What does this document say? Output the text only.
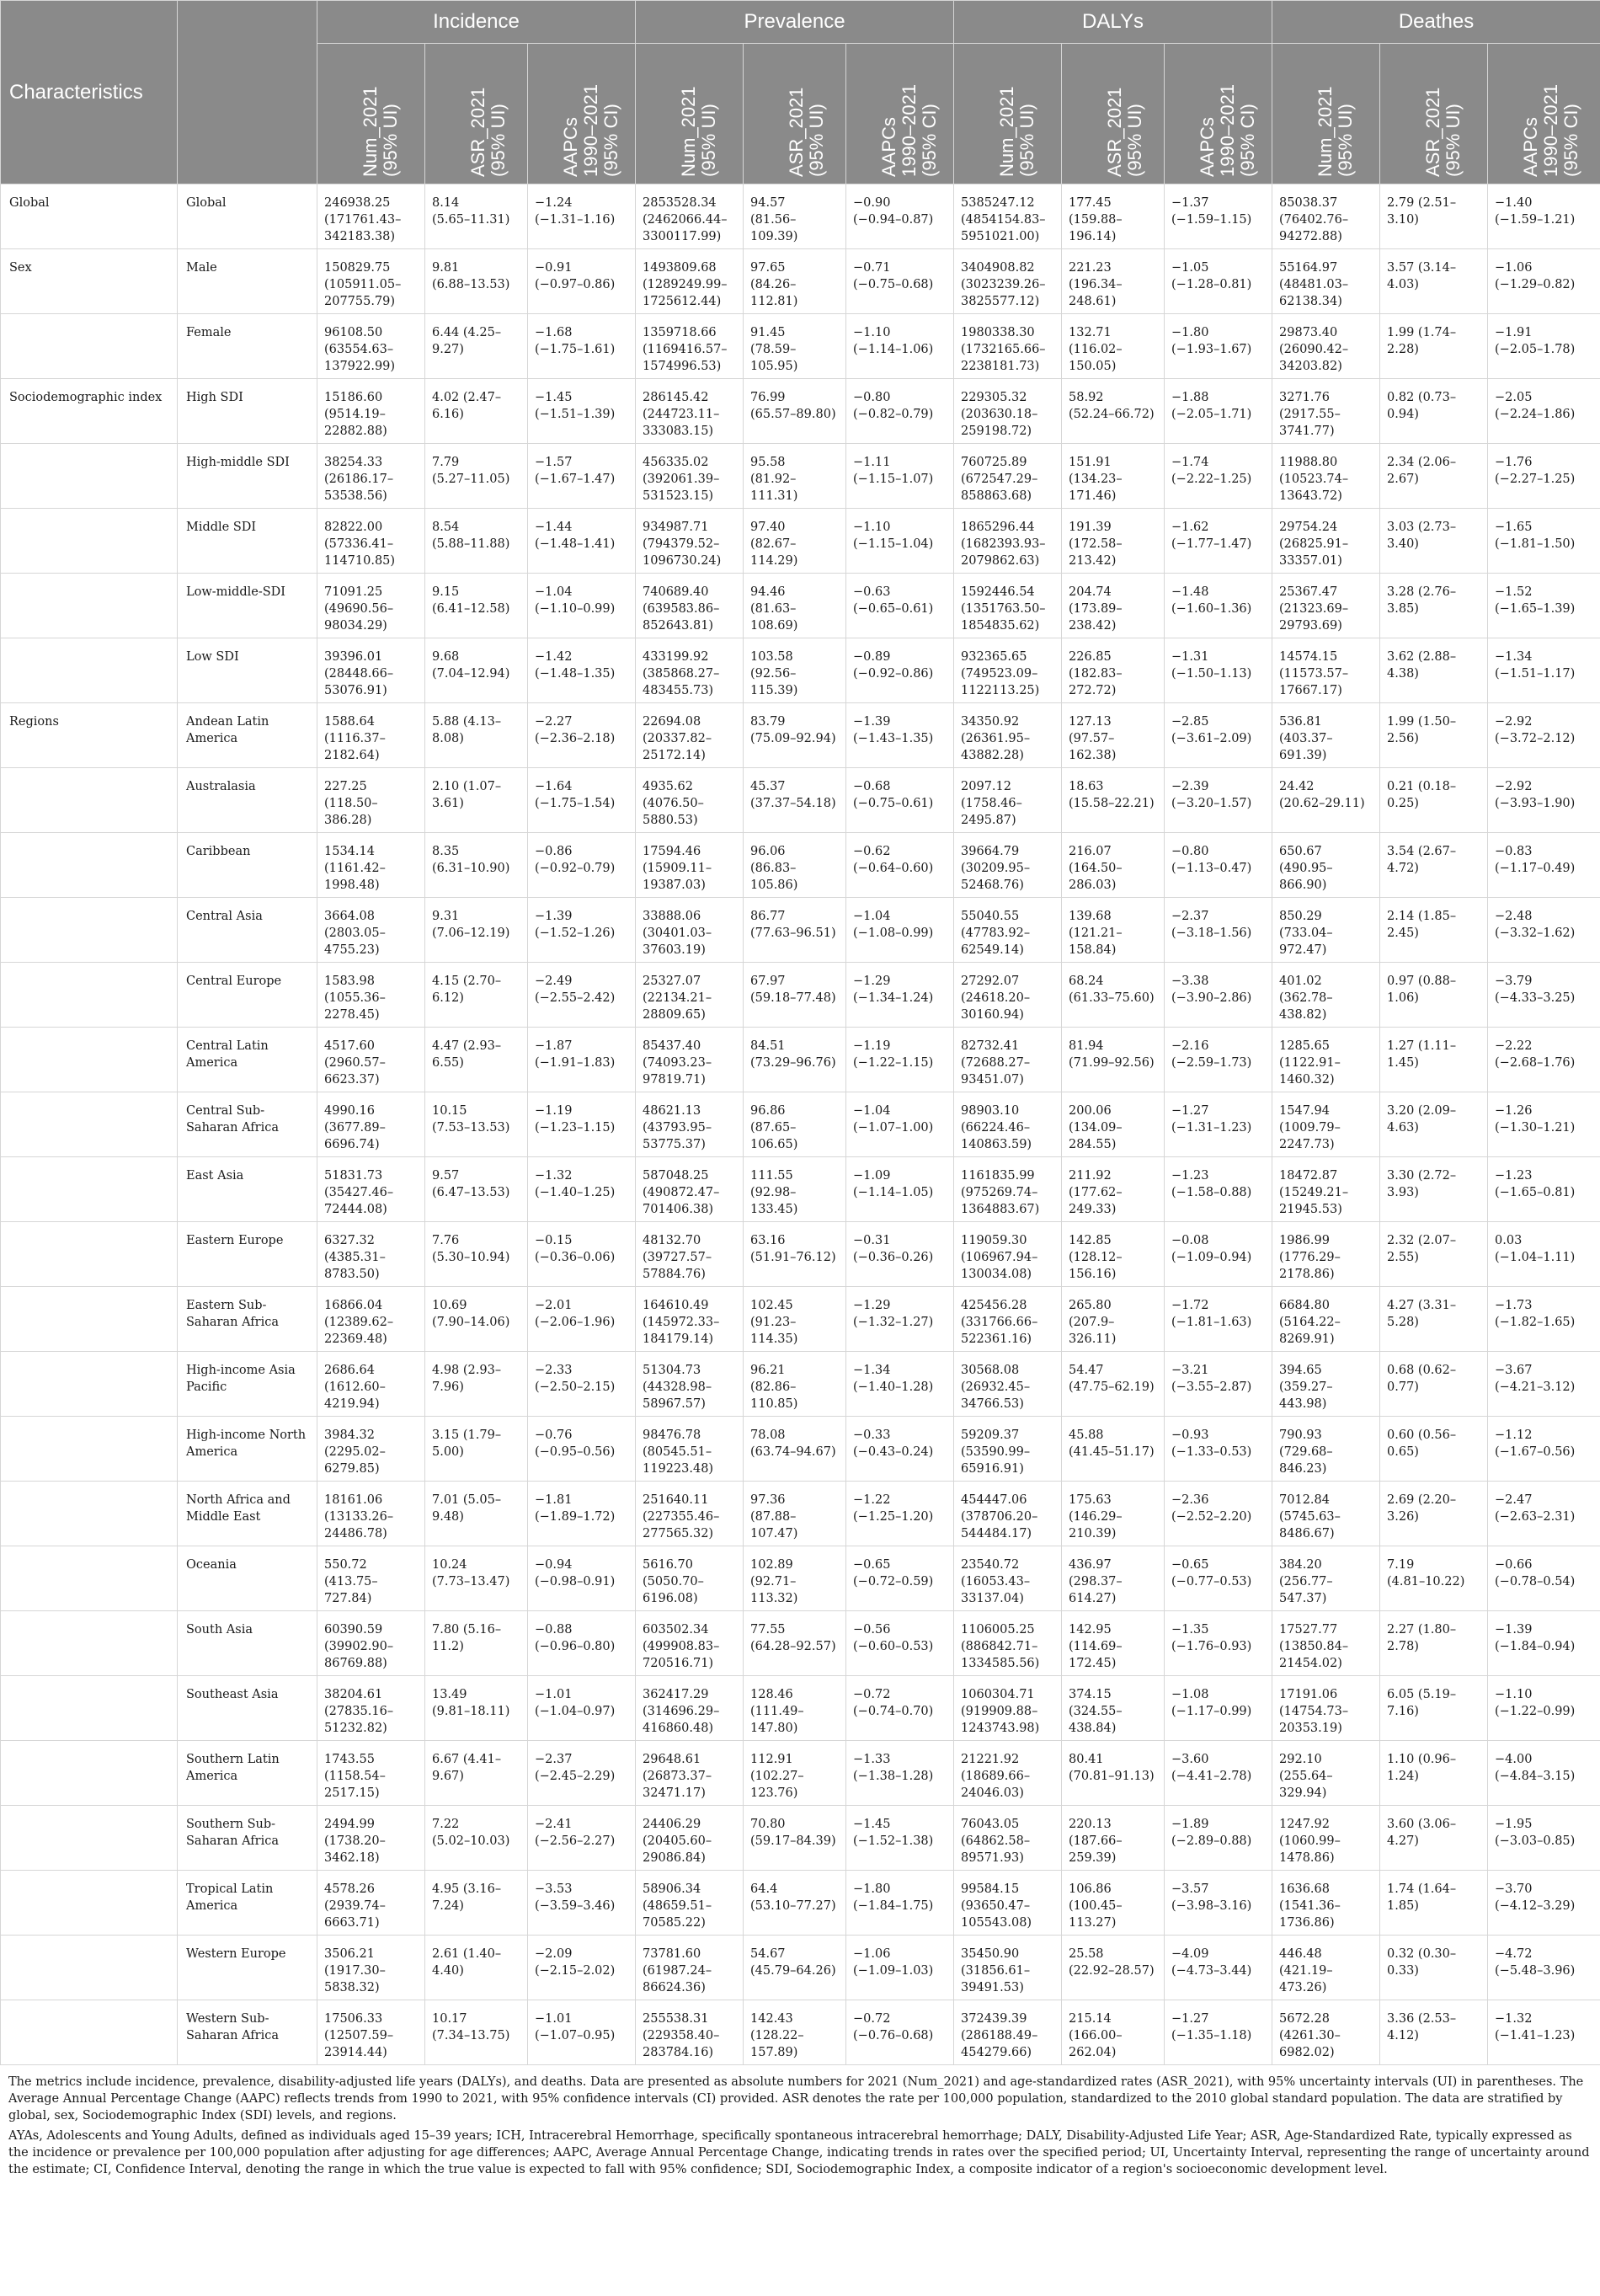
Characteristics		Incidence			Prevalence			DALYs			Deathes		

		Num_2021
(95% UI)	ASR_2021
(95% UI)	AAPCs
1990–2021
(95% CI)	Num_2021
(95% UI)	ASR_2021
(95% UI)	AAPCs
1990–2021
(95% CI)	Num_2021
(95% UI)	ASR_2021
(95% UI)	AAPCs
1990–2021
(95% CI)	Num_2021
(95% UI)	ASR_2021
(95% UI)	AAPCs
1990–2021
(95% CI)

Global	Global	246938.25
(171761.43–342183.38)	8.14
(5.65–11.31)	−1.24
(−1.31–1.16)	2853528.34
(2462066.44–3300117.99)	94.57
(81.56–109.39)	−0.90
(−0.94–0.87)	5385247.12
(4854154.83–5951021.00)	177.45
(159.88–196.14)	−1.37
(−1.59–1.15)	85038.37
(76402.76–94272.88)	2.79 (2.51–3.10)	−1.40
(−1.59–1.21)

Sex	Male	150829.75
(105911.05–207755.79)	9.81
(6.88–13.53)	−0.91
(−0.97–0.86)	1493809.68
(1289249.99–1725612.44)	97.65
(84.26–112.81)	−0.71
(−0.75–0.68)	3404908.82
(3023239.26–3825577.12)	221.23
(196.34–248.61)	−1.05
(−1.28–0.81)	55164.97
(48481.03–62138.34)	3.57 (3.14–4.03)	−1.06
(−1.29–0.82)

	Female	96108.50
(63554.63–137922.99)	6.44 (4.25–9.27)	−1.68
(−1.75–1.61)	1359718.66
(1169416.57–1574996.53)	91.45
(78.59–105.95)	−1.10
(−1.14–1.06)	1980338.30
(1732165.66–2238181.73)	132.71
(116.02–150.05)	−1.80
(−1.93–1.67)	29873.40
(26090.42–34203.82)	1.99 (1.74–2.28)	−1.91
(−2.05–1.78)

Sociodemographic index	High SDI	15186.60
(9514.19–22882.88)	4.02 (2.47–6.16)	−1.45
(−1.51–1.39)	286145.42
(244723.11–333083.15)	76.99
(65.57–89.80)	−0.80
(−0.82–0.79)	229305.32
(203630.18–259198.72)	58.92
(52.24–66.72)	−1.88
(−2.05–1.71)	3271.76
(2917.55–3741.77)	0.82 (0.73–0.94)	−2.05
(−2.24–1.86)

	High-middle SDI	38254.33
(26186.17–53538.56)	7.79
(5.27–11.05)	−1.57
(−1.67–1.47)	456335.02
(392061.39–531523.15)	95.58
(81.92–111.31)	−1.11
(−1.15–1.07)	760725.89
(672547.29–858863.68)	151.91
(134.23–171.46)	−1.74
(−2.22–1.25)	11988.80
(10523.74–13643.72)	2.34 (2.06–2.67)	−1.76
(−2.27–1.25)

	Middle SDI	82822.00
(57336.41–114710.85)	8.54
(5.88–11.88)	−1.44
(−1.48–1.41)	934987.71
(794379.52–1096730.24)	97.40
(82.67–114.29)	−1.10
(−1.15–1.04)	1865296.44
(1682393.93–2079862.63)	191.39
(172.58–213.42)	−1.62
(−1.77–1.47)	29754.24
(26825.91–33357.01)	3.03 (2.73–3.40)	−1.65
(−1.81–1.50)

	Low-middle-SDI	71091.25
(49690.56–98034.29)	9.15
(6.41–12.58)	−1.04
(−1.10–0.99)	740689.40
(639583.86–852643.81)	94.46
(81.63–108.69)	−0.63
(−0.65–0.61)	1592446.54
(1351763.50–1854835.62)	204.74
(173.89–238.42)	−1.48
(−1.60–1.36)	25367.47
(21323.69–29793.69)	3.28 (2.76–3.85)	−1.52
(−1.65–1.39)

	Low SDI	39396.01
(28448.66–53076.91)	9.68
(7.04–12.94)	−1.42
(−1.48–1.35)	433199.92
(385868.27–483455.73)	103.58
(92.56–115.39)	−0.89
(−0.92–0.86)	932365.65
(749523.09–1122113.25)	226.85
(182.83–272.72)	−1.31
(−1.50–1.13)	14574.15
(11573.57–17667.17)	3.62 (2.88–4.38)	−1.34
(−1.51–1.17)

Regions	Andean Latin America	1588.64
(1116.37–2182.64)	5.88 (4.13–8.08)	−2.27
(−2.36–2.18)	22694.08
(20337.82–25172.14)	83.79
(75.09–92.94)	−1.39
(−1.43–1.35)	34350.92
(26361.95–43882.28)	127.13
(97.57–162.38)	−2.85
(−3.61–2.09)	536.81
(403.37–691.39)	1.99 (1.50–2.56)	−2.92
(−3.72–2.12)

	Australasia	227.25
(118.50–386.28)	2.10 (1.07–3.61)	−1.64
(−1.75–1.54)	4935.62
(4076.50–5880.53)	45.37
(37.37–54.18)	−0.68
(−0.75–0.61)	2097.12
(1758.46–2495.87)	18.63
(15.58–22.21)	−2.39
(−3.20–1.57)	24.42
(20.62–29.11)	0.21 (0.18–0.25)	−2.92
(−3.93–1.90)

	Caribbean	1534.14
(1161.42–1998.48)	8.35
(6.31–10.90)	−0.86
(−0.92–0.79)	17594.46
(15909.11–19387.03)	96.06
(86.83–105.86)	−0.62
(−0.64–0.60)	39664.79
(30209.95–52468.76)	216.07
(164.50–286.03)	−0.80
(−1.13–0.47)	650.67
(490.95–866.90)	3.54 (2.67–4.72)	−0.83
(−1.17–0.49)

	Central Asia	3664.08
(2803.05–4755.23)	9.31
(7.06–12.19)	−1.39
(−1.52–1.26)	33888.06
(30401.03–37603.19)	86.77
(77.63–96.51)	−1.04
(−1.08–0.99)	55040.55
(47783.92–62549.14)	139.68
(121.21–158.84)	−2.37
(−3.18–1.56)	850.29
(733.04–972.47)	2.14 (1.85–2.45)	−2.48
(−3.32–1.62)

	Central Europe	1583.98
(1055.36–2278.45)	4.15 (2.70–6.12)	−2.49
(−2.55–2.42)	25327.07
(22134.21–28809.65)	67.97
(59.18–77.48)	−1.29
(−1.34–1.24)	27292.07
(24618.20–30160.94)	68.24
(61.33–75.60)	−3.38
(−3.90–2.86)	401.02
(362.78–438.82)	0.97 (0.88–1.06)	−3.79
(−4.33–3.25)

	Central Latin America	4517.60
(2960.57–6623.37)	4.47 (2.93–6.55)	−1.87
(−1.91–1.83)	85437.40
(74093.23–97819.71)	84.51
(73.29–96.76)	−1.19
(−1.22–1.15)	82732.41
(72688.27–93451.07)	81.94
(71.99–92.56)	−2.16
(−2.59–1.73)	1285.65
(1122.91–1460.32)	1.27 (1.11–1.45)	−2.22
(−2.68–1.76)

	Central Sub-Saharan Africa	4990.16
(3677.89–6696.74)	10.15
(7.53–13.53)	−1.19
(−1.23–1.15)	48621.13
(43793.95–53775.37)	96.86
(87.65–106.65)	−1.04
(−1.07–1.00)	98903.10
(66224.46–140863.59)	200.06
(134.09–284.55)	−1.27
(−1.31–1.23)	1547.94
(1009.79–2247.73)	3.20 (2.09–4.63)	−1.26
(−1.30–1.21)

	East Asia	51831.73
(35427.46–72444.08)	9.57
(6.47–13.53)	−1.32
(−1.40–1.25)	587048.25
(490872.47–701406.38)	111.55
(92.98–133.45)	−1.09
(−1.14–1.05)	1161835.99
(975269.74–1364883.67)	211.92
(177.62–249.33)	−1.23
(−1.58–0.88)	18472.87
(15249.21–21945.53)	3.30 (2.72–3.93)	−1.23
(−1.65–0.81)

	Eastern Europe	6327.32
(4385.31–8783.50)	7.76
(5.30–10.94)	−0.15
(−0.36–0.06)	48132.70
(39727.57–57884.76)	63.16
(51.91–76.12)	−0.31
(−0.36–0.26)	119059.30
(106967.94–130034.08)	142.85
(128.12–156.16)	−0.08
(−1.09–0.94)	1986.99
(1776.29–2178.86)	2.32 (2.07–2.55)	0.03
(−1.04–1.11)

	Eastern Sub-Saharan Africa	16866.04
(12389.62–22369.48)	10.69
(7.90–14.06)	−2.01
(−2.06–1.96)	164610.49
(145972.33–184179.14)	102.45
(91.23–114.35)	−1.29
(−1.32–1.27)	425456.28
(331766.66–522361.16)	265.80
(207.9–326.11)	−1.72
(−1.81–1.63)	6684.80
(5164.22–8269.91)	4.27 (3.31–5.28)	−1.73
(−1.82–1.65)

	High-income Asia Pacific	2686.64
(1612.60–4219.94)	4.98 (2.93–7.96)	−2.33
(−2.50–2.15)	51304.73
(44328.98–58967.57)	96.21
(82.86–110.85)	−1.34
(−1.40–1.28)	30568.08
(26932.45–34766.53)	54.47
(47.75–62.19)	−3.21
(−3.55–2.87)	394.65
(359.27–443.98)	0.68 (0.62–0.77)	−3.67
(−4.21–3.12)

	High-income North America	3984.32
(2295.02–6279.85)	3.15 (1.79–5.00)	−0.76
(−0.95–0.56)	98476.78
(80545.51–119223.48)	78.08
(63.74–94.67)	−0.33
(−0.43–0.24)	59209.37
(53590.99–65916.91)	45.88
(41.45–51.17)	−0.93
(−1.33–0.53)	790.93
(729.68–846.23)	0.60 (0.56–0.65)	−1.12
(−1.67–0.56)

	North Africa and Middle East	18161.06
(13133.26–24486.78)	7.01 (5.05–9.48)	−1.81
(−1.89–1.72)	251640.11
(227355.46–277565.32)	97.36
(87.88–107.47)	−1.22
(−1.25–1.20)	454447.06
(378706.20–544484.17)	175.63
(146.29–210.39)	−2.36
(−2.52–2.20)	7012.84
(5745.63–8486.67)	2.69 (2.20–3.26)	−2.47
(−2.63–2.31)

	Oceania	550.72
(413.75–727.84)	10.24
(7.73–13.47)	−0.94
(−0.98–0.91)	5616.70
(5050.70–6196.08)	102.89
(92.71–113.32)	−0.65
(−0.72–0.59)	23540.72
(16053.43–33137.04)	436.97
(298.37–614.27)	−0.65
(−0.77–0.53)	384.20
(256.77–547.37)	7.19
(4.81–10.22)	−0.66
(−0.78–0.54)

	South Asia	60390.59
(39902.90–86769.88)	7.80 (5.16–11.2)	−0.88
(−0.96–0.80)	603502.34
(499908.83–720516.71)	77.55
(64.28–92.57)	−0.56
(−0.60–0.53)	1106005.25
(886842.71–1334585.56)	142.95
(114.69–172.45)	−1.35
(−1.76–0.93)	17527.77
(13850.84–21454.02)	2.27 (1.80–2.78)	−1.39
(−1.84–0.94)

	Southeast Asia	38204.61
(27835.16–51232.82)	13.49
(9.81–18.11)	−1.01
(−1.04–0.97)	362417.29
(314696.29–416860.48)	128.46
(111.49–147.80)	−0.72
(−0.74–0.70)	1060304.71
(919909.88–1243743.98)	374.15
(324.55–438.84)	−1.08
(−1.17–0.99)	17191.06
(14754.73–20353.19)	6.05 (5.19–7.16)	−1.10
(−1.22–0.99)

	Southern Latin America	1743.55
(1158.54–2517.15)	6.67 (4.41–9.67)	−2.37
(−2.45–2.29)	29648.61
(26873.37–32471.17)	112.91
(102.27–123.76)	−1.33
(−1.38–1.28)	21221.92
(18689.66–24046.03)	80.41
(70.81–91.13)	−3.60
(−4.41–2.78)	292.10
(255.64–329.94)	1.10 (0.96–1.24)	−4.00
(−4.84–3.15)

	Southern Sub-Saharan Africa	2494.99
(1738.20–3462.18)	7.22
(5.02–10.03)	−2.41
(−2.56–2.27)	24406.29
(20405.60–29086.84)	70.80
(59.17–84.39)	−1.45
(−1.52–1.38)	76043.05
(64862.58–89571.93)	220.13
(187.66–259.39)	−1.89
(−2.89–0.88)	1247.92
(1060.99–1478.86)	3.60 (3.06–4.27)	−1.95
(−3.03–0.85)

	Tropical Latin America	4578.26
(2939.74–6663.71)	4.95 (3.16–7.24)	−3.53
(−3.59–3.46)	58906.34
(48659.51–70585.22)	64.4
(53.10–77.27)	−1.80
(−1.84–1.75)	99584.15
(93650.47–105543.08)	106.86
(100.45–113.27)	−3.57
(−3.98–3.16)	1636.68
(1541.36–1736.86)	1.74 (1.64–1.85)	−3.70
(−4.12–3.29)

	Western Europe	3506.21
(1917.30–5838.32)	2.61 (1.40–4.40)	−2.09
(−2.15–2.02)	73781.60
(61987.24–86624.36)	54.67
(45.79–64.26)	−1.06
(−1.09–1.03)	35450.90
(31856.61–39491.53)	25.58
(22.92–28.57)	−4.09
(−4.73–3.44)	446.48
(421.19–473.26)	0.32 (0.30–0.33)	−4.72
(−5.48–3.96)

	Western Sub-Saharan Africa	17506.33
(12507.59–23914.44)	10.17
(7.34–13.75)	−1.01
(−1.07–0.95)	255538.31
(229358.40–283784.16)	142.43
(128.22–157.89)	−0.72
(−0.76–0.68)	372439.39
(286188.49–454279.66)	215.14
(166.00–262.04)	−1.27
(−1.35–1.18)	5672.28
(4261.30–6982.02)	3.36 (2.53–4.12)	−1.32
(−1.41–1.23)

The metrics include incidence, prevalence, disability-adjusted life years (DALYs), and deaths. Data are presented as absolute numbers for 2021 (Num_2021) and age-standardized rates (ASR_2021), with 95% uncertainty intervals (UI) in parentheses. The Average Annual Percentage Change (AAPC) reflects trends from 1990 to 2021, with 95% confidence intervals (CI) provided. ASR denotes the rate per 100,000 population, standardized to the 2010 global standard population. The data are stratified by global, sex, Sociodemographic Index (SDI) levels, and regions.

AYAs, Adolescents and Young Adults, defined as individuals aged 15–39 years; ICH, Intracerebral Hemorrhage, specifically spontaneous intracerebral hemorrhage; DALY, Disability-Adjusted Life Year; ASR, Age-Standardized Rate, typically expressed as the incidence or prevalence per 100,000 population after adjusting for age differences; AAPC, Average Annual Percentage Change, indicating trends in rates over the specified period; UI, Uncertainty Interval, representing the range of uncertainty around the estimate; CI, Confidence Interval, denoting the range in which the true value is expected to fall with 95% confidence; SDI, Sociodemographic Index, a composite indicator of a region's socioeconomic development level.
